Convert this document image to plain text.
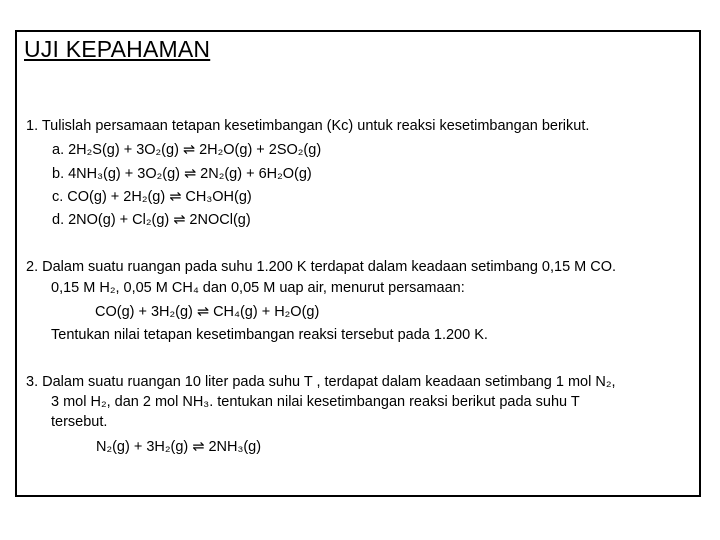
UJI KEPAHAMAN
1. Tulislah persamaan tetapan kesetimbangan (Kc) untuk reaksi kesetimbangan berikut.
a. 2H₂S(g) + 3O₂(g) ⇌ 2H₂O(g) + 2SO₂(g)
b. 4NH₃(g) + 3O₂(g) ⇌ 2N₂(g) + 6H₂O(g)
c. CO(g) + 2H₂(g) ⇌ CH₃OH(g)
d. 2NO(g) + Cl₂(g) ⇌ 2NOCl(g)
2. Dalam suatu ruangan pada suhu 1.200 K terdapat dalam keadaan setimbang 0,15 M CO.
0,15 M H₂, 0,05 M CH₄ dan 0,05 M uap air, menurut persamaan:
CO(g) + 3H₂(g) ⇌ CH₄(g) + H₂O(g)
Tentukan nilai tetapan kesetimbangan reaksi tersebut pada 1.200 K.
3. Dalam suatu ruangan 10 liter pada suhu T , terdapat dalam keadaan setimbang 1 mol N₂,
3 mol H₂, dan 2 mol NH₃. tentukan nilai kesetimbangan reaksi berikut pada suhu T
tersebut.
N₂(g) + 3H₂(g) ⇌ 2NH₃(g)
